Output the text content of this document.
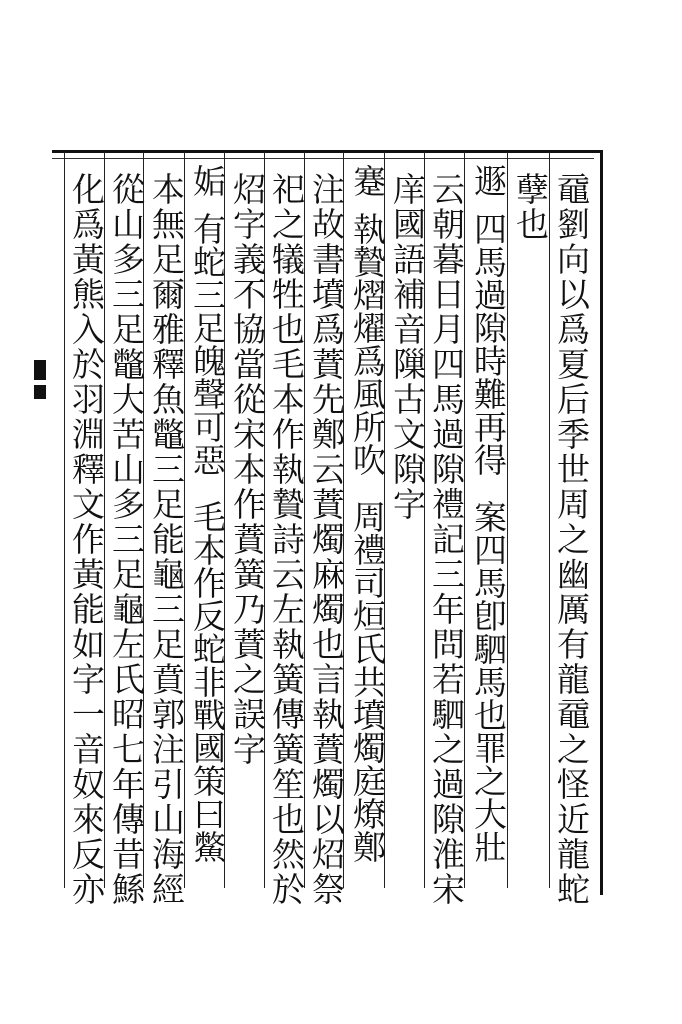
黿劉向以爲夏后季世周之幽厲有龍黿之怪近龍蛇
孽也
遯
四馬過隙時難再得
案四馬卽駟馬也罪之大壯
云朝暮日月四馬過隙禮記三年問若駟之過隙淮宋
庠國語補音隟古文隙字
蹇
執贄熠燿爲風所吹
周禮司烜氏共墳燭庭燎鄭
注故書墳爲蕡先鄭云蕡燭麻燭也言執蕡燭以炤祭
祀之犠牲也毛本作執贄詩云左執簧傳簧笙也然於
炤字義不協當從宋本作蕡簧乃蕡之誤字
姤
有蛇三足魄聲可惡
毛本作反蛇非戰國策曰鱉
本無足爾雅釋魚鼈三足能龜三足賁郭注引山海經
從山多三足鼈大苦山多三足龜左氏昭七年傳昔鯀
化爲黃熊入於羽淵釋文作黃能如字一音奴來反亦
